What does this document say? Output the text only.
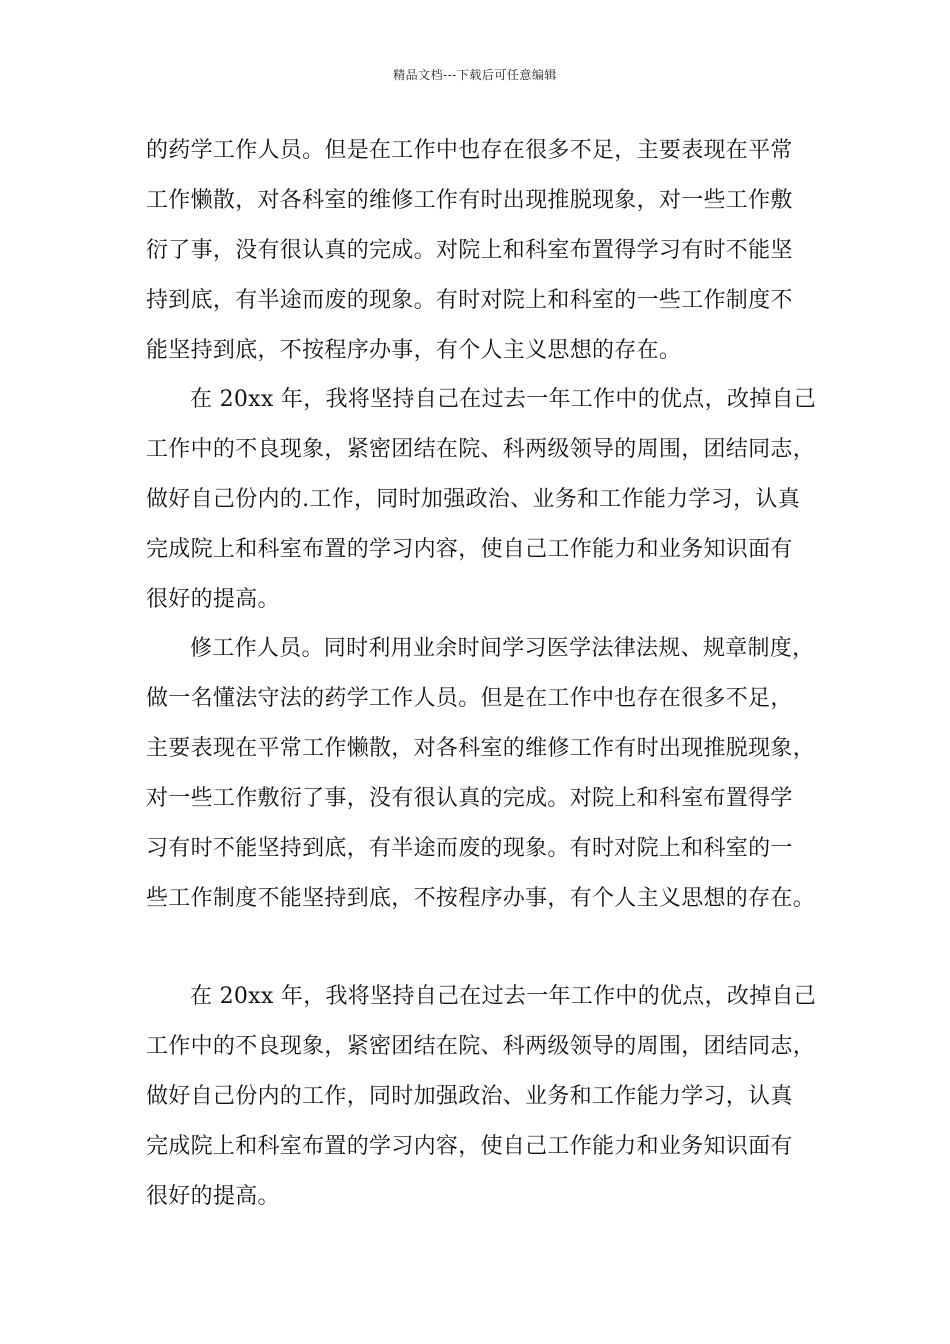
精品文档---下载后可任意编辑
的药学工作人员。但是在工作中也存在很多不足，主要表现在平常
工作懒散，对各科室的维修工作有时出现推脱现象，对一些工作敷
衍了事，没有很认真的完成。对院上和科室布置得学习有时不能坚
持到底，有半途而废的现象。有时对院上和科室的一些工作制度不
能坚持到底，不按程序办事，有个人主义思想的存在。
在 20xx 年，我将坚持自己在过去一年工作中的优点，改掉自己
工作中的不良现象，紧密团结在院、科两级领导的周围，团结同志，
做好自己份内的.工作，同时加强政治、业务和工作能力学习，认真
完成院上和科室布置的学习内容，使自己工作能力和业务知识面有
很好的提高。
修工作人员。同时利用业余时间学习医学法律法规、规章制度，
做一名懂法守法的药学工作人员。但是在工作中也存在很多不足，
主要表现在平常工作懒散，对各科室的维修工作有时出现推脱现象，
对一些工作敷衍了事，没有很认真的完成。对院上和科室布置得学
习有时不能坚持到底，有半途而废的现象。有时对院上和科室的一
些工作制度不能坚持到底，不按程序办事，有个人主义思想的存在。
在 20xx 年，我将坚持自己在过去一年工作中的优点，改掉自己
工作中的不良现象，紧密团结在院、科两级领导的周围，团结同志，
做好自己份内的工作，同时加强政治、业务和工作能力学习，认真
完成院上和科室布置的学习内容，使自己工作能力和业务知识面有
很好的提高。
